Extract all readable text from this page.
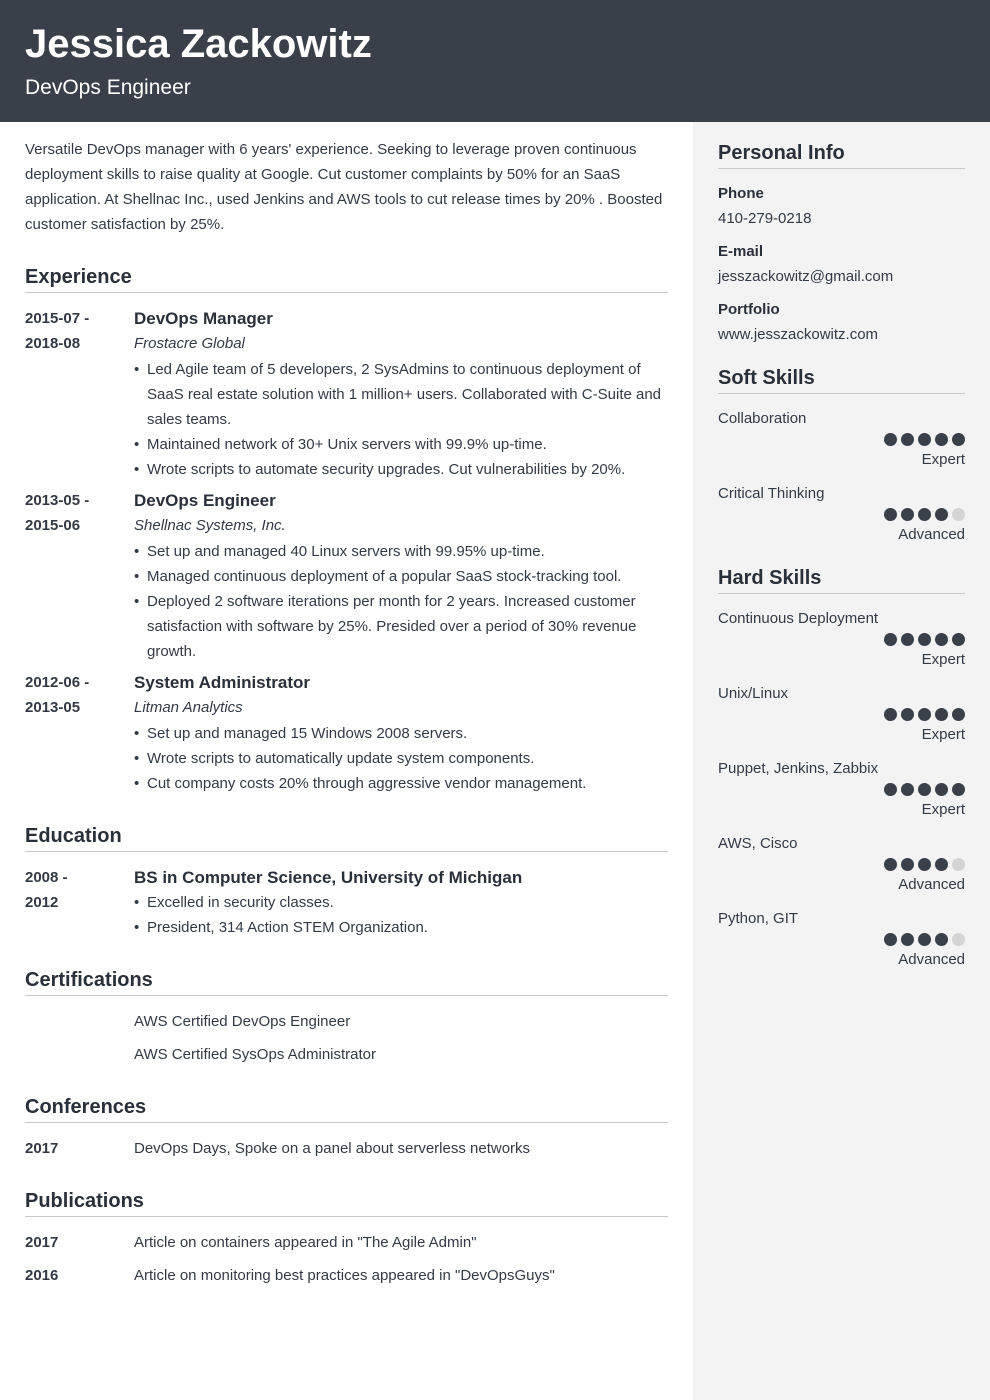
Jessica Zackowitz
DevOps Engineer

Versatile DevOps manager with 6 years' experience. Seeking to leverage proven continuous deployment skills to raise quality at Google. Cut customer complaints by 50% for an SaaS application. At Shellnac Inc., used Jenkins and AWS tools to cut release times by 20% . Boosted customer satisfaction by 25%.

Experience
2015-07 -
2018-08
DevOps Manager
Frostacre Global
• Led Agile team of 5 developers, 2 SysAdmins to continuous deployment of SaaS real estate solution with 1 million+ users. Collaborated with C-Suite and sales teams.
• Maintained network of 30+ Unix servers with 99.9% up-time.
• Wrote scripts to automate security upgrades. Cut vulnerabilities by 20%.
2013-05 -
2015-06
DevOps Engineer
Shellnac Systems, Inc.
• Set up and managed 40 Linux servers with 99.95% up-time.
• Managed continuous deployment of a popular SaaS stock-tracking tool.
• Deployed 2 software iterations per month for 2 years. Increased customer satisfaction with software by 25%. Presided over a period of 30% revenue growth.
2012-06 -
2013-05
System Administrator
Litman Analytics
• Set up and managed 15 Windows 2008 servers.
• Wrote scripts to automatically update system components.
• Cut company costs 20% through aggressive vendor management.
Education
2008 -
2012
BS in Computer Science, University of Michigan
• Excelled in security classes.
• President, 314 Action STEM Organization.
Certifications
AWS Certified DevOps Engineer
AWS Certified SysOps Administrator
Conferences
2017	DevOps Days, Spoke on a panel about serverless networks
Publications
2017	Article on containers appeared in "The Agile Admin"
2016	Article on monitoring best practices appeared in "DevOpsGuys"
Personal Info
Phone
410-279-0218
E-mail
jesszackowitz@gmail.com
Portfolio
www.jesszackowitz.com
Soft Skills
Collaboration
Expert
Critical Thinking
Advanced
Hard Skills
Continuous Deployment
Expert
Unix/Linux
Expert
Puppet, Jenkins, Zabbix
Expert
AWS, Cisco
Advanced
Python, GIT
Advanced
